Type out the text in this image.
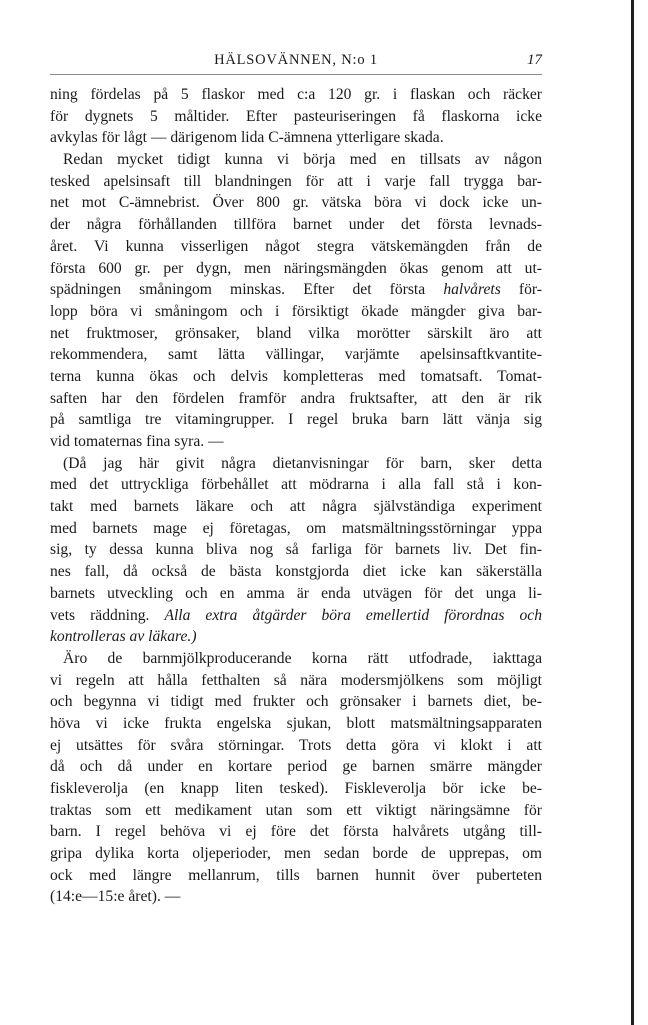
HÄLSOVÄNNEN, N:o 1	17
ning fördelas på 5 flaskor med c:a 120 gr. i flaskan och räcker
för dygnets 5 måltider. Efter pasteuriseringen få flaskorna icke
avkylas för lågt — därigenom lida C-ämnena ytterligare skada.
Redan mycket tidigt kunna vi börja med en tillsats av någon
tesked apelsinsaft till blandningen för att i varje fall trygga bar-
net mot C-ämnebrist. Över 800 gr. vätska böra vi dock icke un-
der några förhållanden tillföra barnet under det första levnads-
året. Vi kunna visserligen något stegra vätskemängden från de
första 600 gr. per dygn, men näringsmängden ökas genom att ut-
spädningen småningom minskas. Efter det första halvårets för-
lopp böra vi småningom och i försiktigt ökade mängder giva bar-
net fruktmoser, grönsaker, bland vilka morötter särskilt äro att
rekommendera, samt lätta vällingar, varjämte apelsinsaftkvantite-
terna kunna ökas och delvis kompletteras med tomatsaft. Tomat-
saften har den fördelen framför andra fruktsafter, att den är rik
på samtliga tre vitamingrupper. I regel bruka barn lätt vänja sig
vid tomaternas fina syra. —
(Då jag här givit några dietanvisningar för barn, sker detta
med det uttryckliga förbehållet att mödrarna i alla fall stå i kon-
takt med barnets läkare och att några självständiga experiment
med barnets mage ej företagas, om matsmältningsstörningar yppa
sig, ty dessa kunna bliva nog så farliga för barnets liv. Det fin-
nes fall, då också de bästa konstgjorda diet icke kan säkerställa
barnets utveckling och en amma är enda utvägen för det unga li-
vets räddning. Alla extra åtgärder böra emellertid förordnas och
kontrolleras av läkare.)
Äro de barnmjölkproducerande korna rätt utfodrade, iakttaga
vi regeln att hålla fetthalten så nära modersmjölkens som möjligt
och begynna vi tidigt med frukter och grönsaker i barnets diet, be-
höva vi icke frukta engelska sjukan, blott matsmältningsapparaten
ej utsättes för svåra störningar. Trots detta göra vi klokt i att
då och då under en kortare period ge barnen smärre mängder
fiskleverolja (en knapp liten tesked). Fiskleverolja bör icke be-
traktas som ett medikament utan som ett viktigt näringsämne för
barn. I regel behöva vi ej före det första halvårets utgång till-
gripa dylika korta oljeperioder, men sedan borde de upprepas, om
ock med längre mellanrum, tills barnen hunnit över puberteten
(14:e—15:e året). —
